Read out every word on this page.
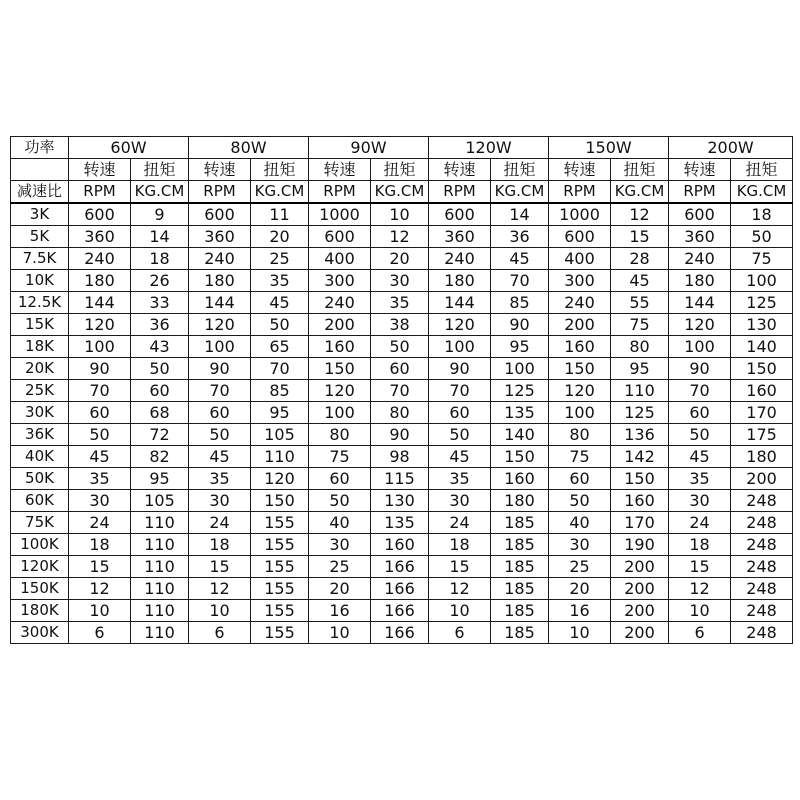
功率	60W		80W		90W		120W		150W		200W	
	转速	扭矩	转速	扭矩	转速	扭矩	转速	扭矩	转速	扭矩	转速	扭矩
减速比	RPM	KG.CM	RPM	KG.CM	RPM	KG.CM	RPM	KG.CM	RPM	KG.CM	RPM	KG.CM
3K	600	9	600	11	1000	10	600	14	1000	12	600	18
5K	360	14	360	20	600	12	360	36	600	15	360	50
7.5K	240	18	240	25	400	20	240	45	400	28	240	75
10K	180	26	180	35	300	30	180	70	300	45	180	100
12.5K	144	33	144	45	240	35	144	85	240	55	144	125
15K	120	36	120	50	200	38	120	90	200	75	120	130
18K	100	43	100	65	160	50	100	95	160	80	100	140
20K	90	50	90	70	150	60	90	100	150	95	90	150
25K	70	60	70	85	120	70	70	125	120	110	70	160
30K	60	68	60	95	100	80	60	135	100	125	60	170
36K	50	72	50	105	80	90	50	140	80	136	50	175
40K	45	82	45	110	75	98	45	150	75	142	45	180
50K	35	95	35	120	60	115	35	160	60	150	35	200
60K	30	105	30	150	50	130	30	180	50	160	30	248
75K	24	110	24	155	40	135	24	185	40	170	24	248
100K	18	110	18	155	30	160	18	185	30	190	18	248
120K	15	110	15	155	25	166	15	185	25	200	15	248
150K	12	110	12	155	20	166	12	185	20	200	12	248
180K	10	110	10	155	16	166	10	185	16	200	10	248
300K	6	110	6	155	10	166	6	185	10	200	6	248
